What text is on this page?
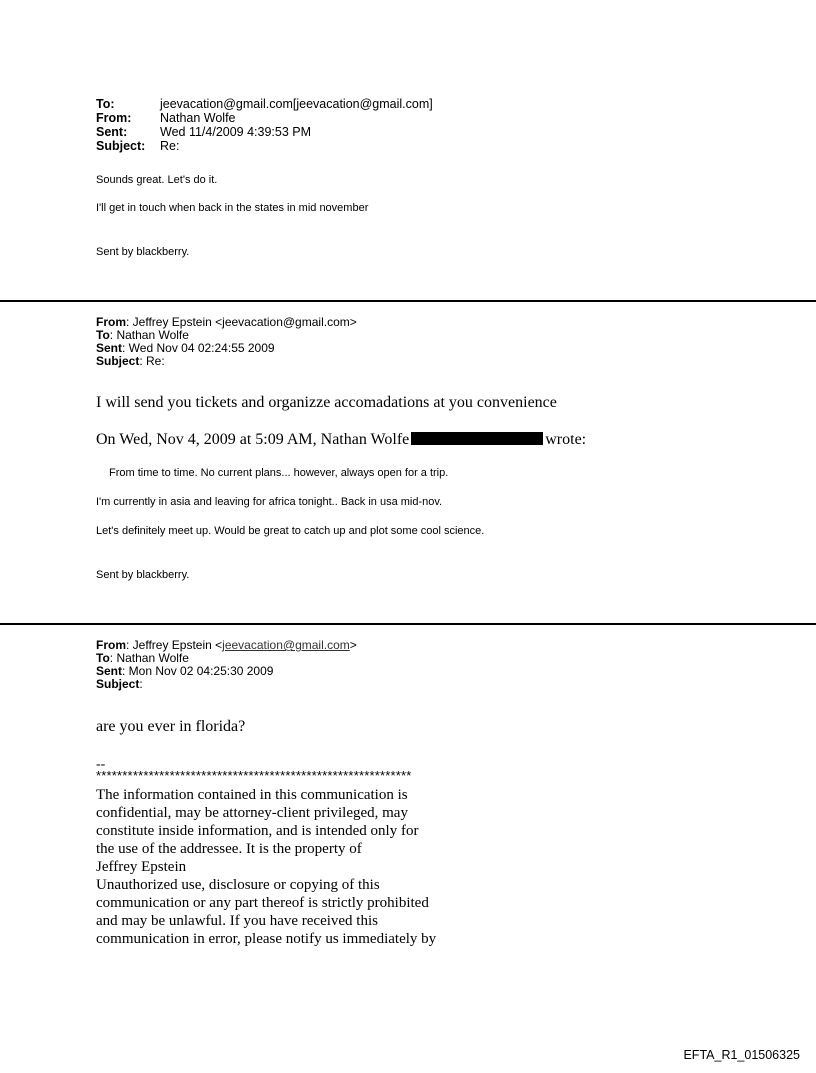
To:	jeevacation@gmail.com[jeevacation@gmail.com]
From: Nathan Wolfe
Sent:	Wed 11/4/2009 4:39:53 PM
Subject: Re:
Sounds great. Let's do it.
I'll get in touch when back in the states in mid november
Sent by blackberry.
From: Jeffrey Epstein <jeevacation@gmail.com>
To: Nathan Wolfe
Sent: Wed Nov 04 02:24:55 2009
Subject: Re:
I will send you tickets and organizze accomadations at you convenience
On Wed, Nov 4, 2009 at 5:09 AM, Nathan Wolfe	wrote:
From time to time. No current plans... however, always open for a trip.
I'm currently in asia and leaving for africa tonight.. Back in usa mid-nov.
Let's definitely meet up. Would be great to catch up and plot some cool science.
Sent by blackberry.
From: Jeffrey Epstein <jeevacation@gmail.com>
To: Nathan Wolfe
Sent: Mon Nov 02 04:25:30 2009
Subject:
are you ever in florida?
--
************************************************************

The information contained in this communication is

confidential, may be attorney-client privileged, may

constitute inside information, and is intended only for

the use of the addressee. It is the property of

Jeffrey Epstein

Unauthorized use, disclosure or copying of this

communication or any part thereof is strictly prohibited

and may be unlawful. If you have received this

communication in error, please notify us immediately by

EFTA_R1_01506325
